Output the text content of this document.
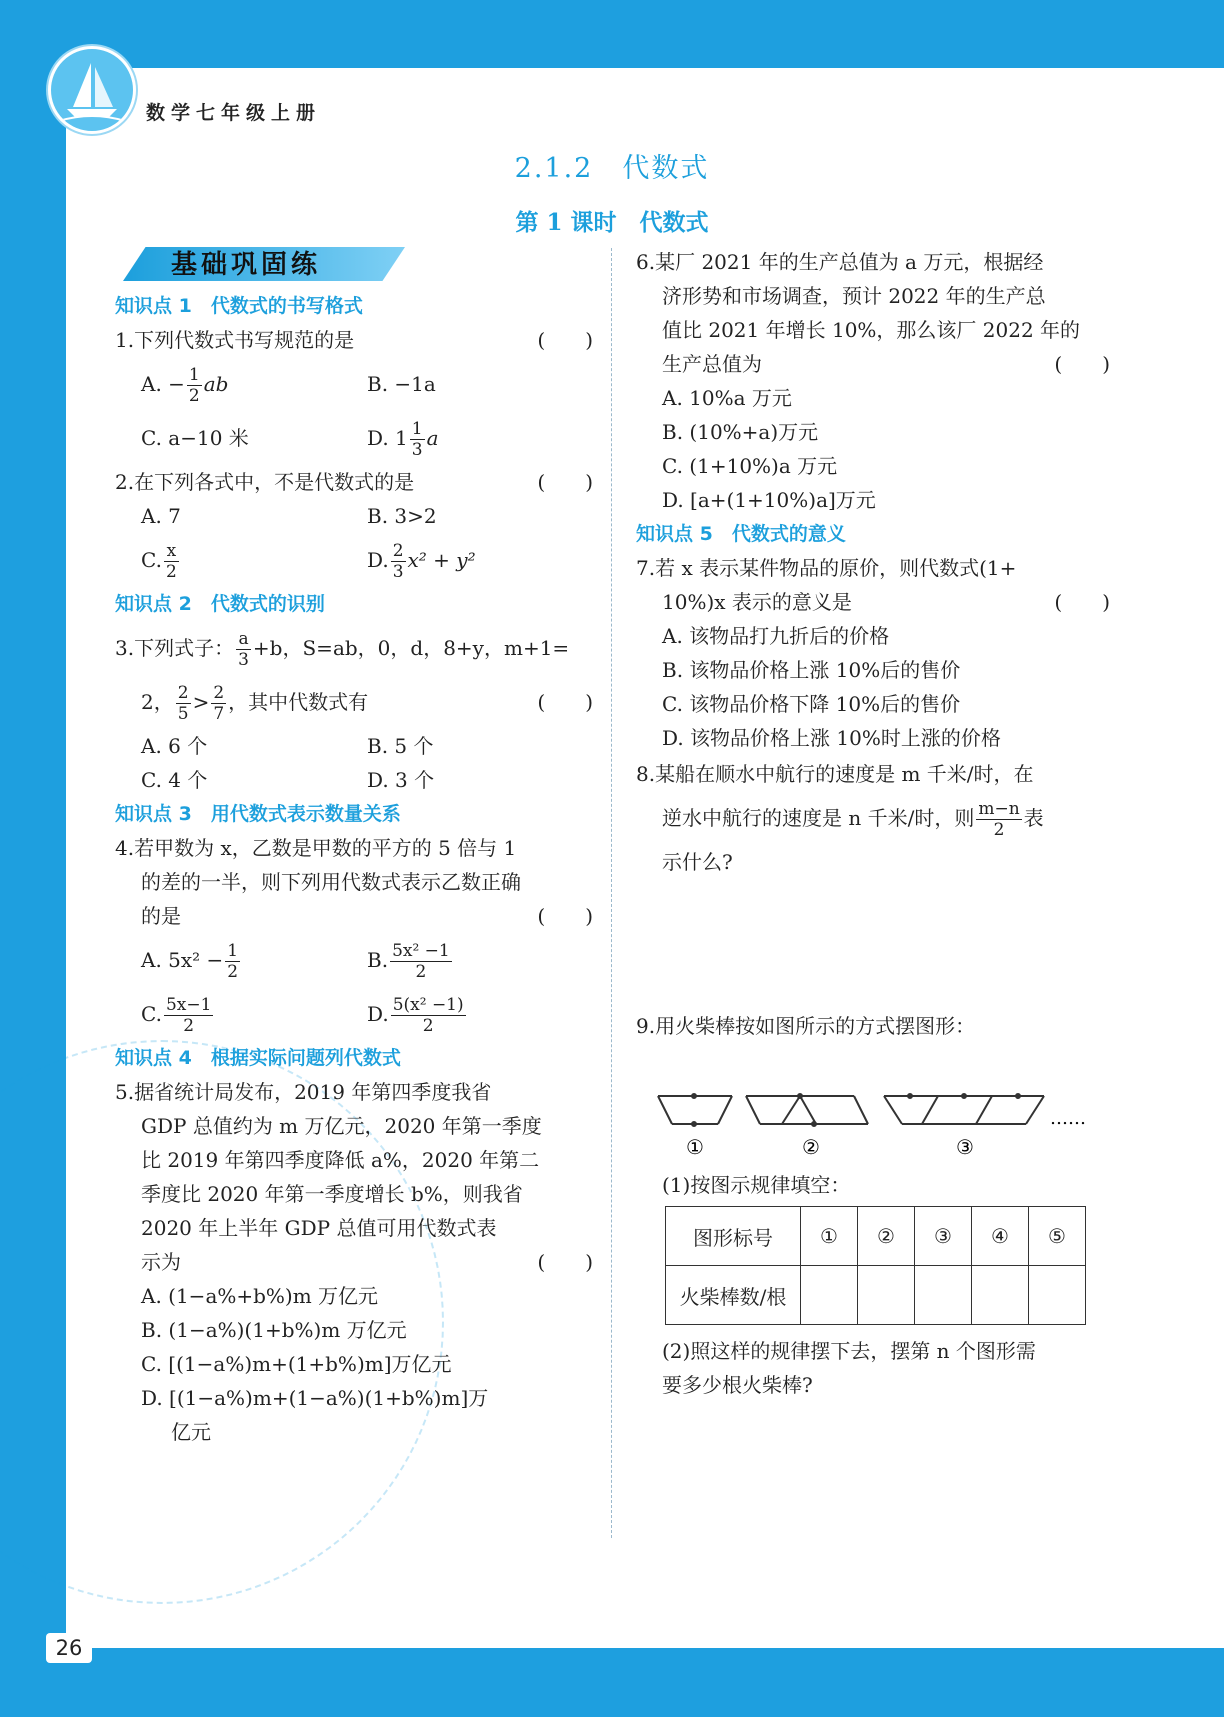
数学七年级上册
2.1.2　代数式
第 1 课时　代数式
基础巩固练
知识点 1　代数式的书写格式
1.下列代数式书写规范的是	(　　)
A. − $\frac{1}{2}$ ab	B. −1a
C. a−10 米	D. $1 \frac{1}{3}$ a
2.在下列各式中，不是代数式的是	(　　)
A. 7	B. 3>2
C. $\frac{x}{2}$	D. $\frac{2}{3} x^2 + y^2$
知识点 2　代数式的识别
3.下列式子： $\frac{a}{3} +b$，S=ab，0，d，8+y，m+1=
2， $\frac{2}{5} > \frac{2}{7}$ ，其中代数式有	(　　)
A. 6 个	B. 5 个
C. 4 个	D. 3 个
知识点 3　用代数式表示数量关系
4.若甲数为 x，乙数是甲数的平方的 5 倍与 1
的差的一半，则下列用代数式表示乙数正确
的是	(　　)
A. $5x^2 - \frac{1}{2}$	B. $\frac{\text{5x² −1}}{2}$
C. $\frac{5x-1}{2}$	D. $\frac{\text{5(x² −1)}}{2}$
知识点 4　根据实际问题列代数式
5.据省统计局发布，2019 年第四季度我省
GDP 总值约为 m 万亿元，2020 年第一季度
比 2019 年第四季度降低 a%，2020 年第二
季度比 2020 年第一季度增长 b%，则我省
2020 年上半年 GDP 总值可用代数式表
示为	(　　)
A. (1−a%+b%)m 万亿元
B. (1−a%)(1+b%)m 万亿元
C. [(1−a%)m+(1+b%)m]万亿元
D. [(1−a%)m+(1−a%)(1+b%)m]万
亿元
6.某厂 2021 年的生产总值为 a 万元，根据经
济形势和市场调查，预计 2022 年的生产总
值比 2021 年增长 10%，那么该厂 2022 年的
生产总值为	(　　)
A. 10%a 万元
B. (10%+a)万元
C. (1+10%)a 万元
D. [a+(1+10%)a]万元
知识点 5　代数式的意义
7.若 x 表示某件物品的原价，则代数式(1+
10%)x 表示的意义是	(　　)
A. 该物品打九折后的价格
B. 该物品价格上涨 10%后的售价
C. 该物品价格下降 10%后的售价
D. 该物品价格上涨 10%时上涨的价格
8.某船在顺水中航行的速度是 m 千米/时，在
逆水中航行的速度是 n 千米/时，则 $\frac{m-n}{2}$ 表
示什么?
9.用火柴棒按如图所示的方式摆图形：
①	②	③
……
(1)按图示规律填空：
图形标号	①	②	③	④	⑤
火柴棒数/根					
(2)照这样的规律摆下去，摆第 n 个图形需
要多少根火柴棒?
26
